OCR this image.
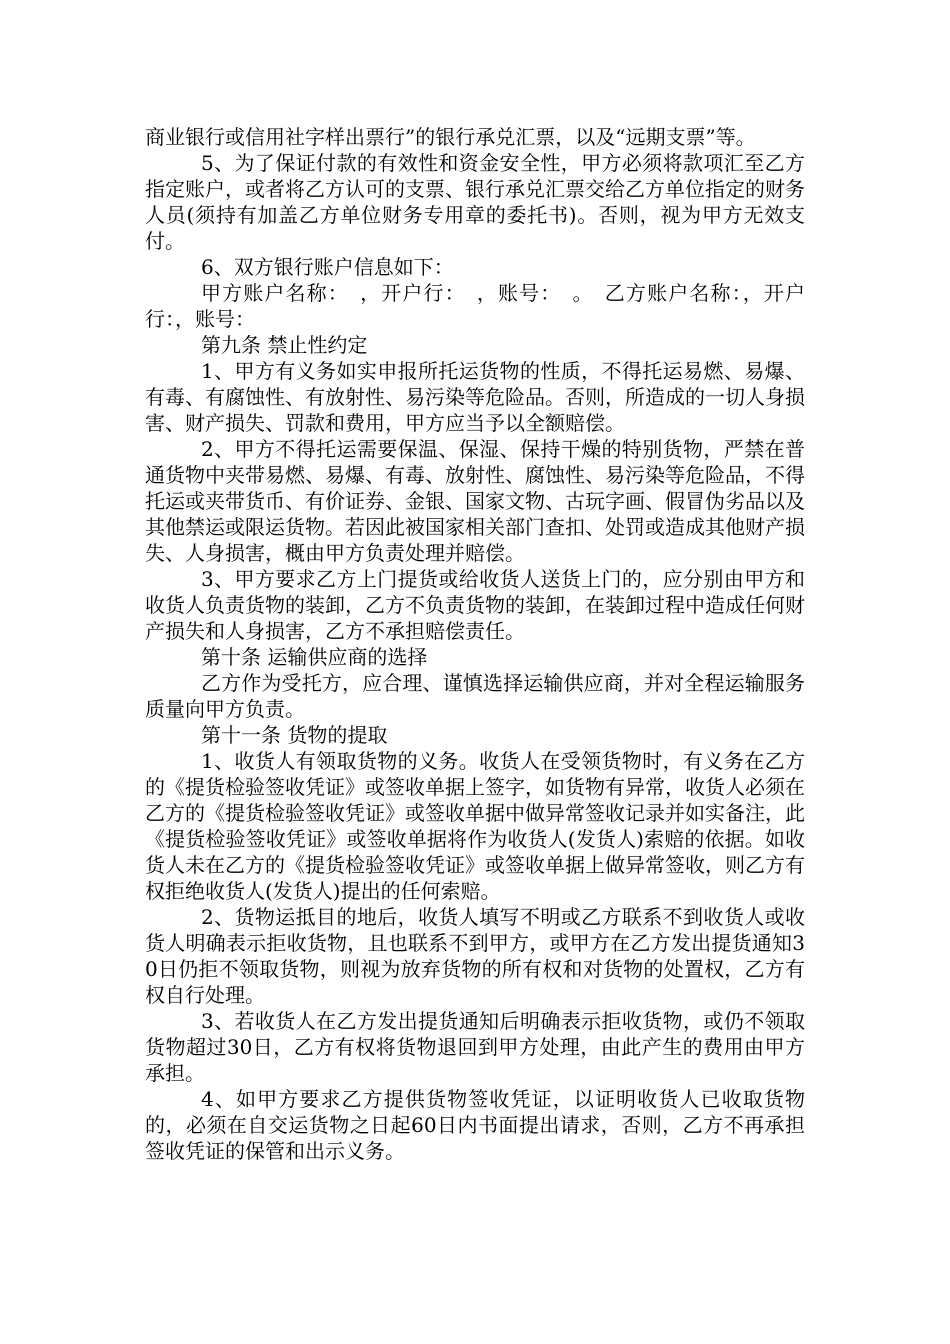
商业银行或信用社字样出票行”的银行承兑汇票，以及“远期支票”等。

5、为了保证付款的有效性和资金安全性，甲方必须将款项汇至乙方指定账户，或者将乙方认可的支票、银行承兑汇票交给乙方单位指定的财务人员(须持有加盖乙方单位财务专用章的委托书)。否则，视为甲方无效支付。

6、双方银行账户信息如下：

甲方账户名称：　，开户行：　，账号：　。　乙方账户名称：，开户行：，账号：

第九条 禁止性约定

1、甲方有义务如实申报所托运货物的性质，不得托运易燃、易爆、有毒、有腐蚀性、有放射性、易污染等危险品。否则，所造成的一切人身损害、财产损失、罚款和费用，甲方应当予以全额赔偿。

2、甲方不得托运需要保温、保湿、保持干燥的特别货物，严禁在普通货物中夹带易燃、易爆、有毒、放射性、腐蚀性、易污染等危险品，不得托运或夹带货币、有价证券、金银、国家文物、古玩字画、假冒伪劣品以及其他禁运或限运货物。若因此被国家相关部门查扣、处罚或造成其他财产损失、人身损害，概由甲方负责处理并赔偿。

3、甲方要求乙方上门提货或给收货人送货上门的，应分别由甲方和收货人负责货物的装卸，乙方不负责货物的装卸，在装卸过程中造成任何财产损失和人身损害，乙方不承担赔偿责任。

第十条 运输供应商的选择

乙方作为受托方，应合理、谨慎选择运输供应商，并对全程运输服务质量向甲方负责。

第十一条 货物的提取

1、收货人有领取货物的义务。收货人在受领货物时，有义务在乙方的《提货检验签收凭证》或签收单据上签字，如货物有异常，收货人必须在乙方的《提货检验签收凭证》或签收单据中做异常签收记录并如实备注，此《提货检验签收凭证》或签收单据将作为收货人(发货人)索赔的依据。如收货人未在乙方的《提货检验签收凭证》或签收单据上做异常签收，则乙方有权拒绝收货人(发货人)提出的任何索赔。

2、货物运抵目的地后，收货人填写不明或乙方联系不到收货人或收货人明确表示拒收货物，且也联系不到甲方，或甲方在乙方发出提货通知30日仍拒不领取货物，则视为放弃货物的所有权和对货物的处置权，乙方有权自行处理。

3、若收货人在乙方发出提货通知后明确表示拒收货物，或仍不领取货物超过30日，乙方有权将货物退回到甲方处理，由此产生的费用由甲方承担。

4、如甲方要求乙方提供货物签收凭证，以证明收货人已收取货物的，必须在自交运货物之日起60日内书面提出请求，否则，乙方不再承担签收凭证的保管和出示义务。
